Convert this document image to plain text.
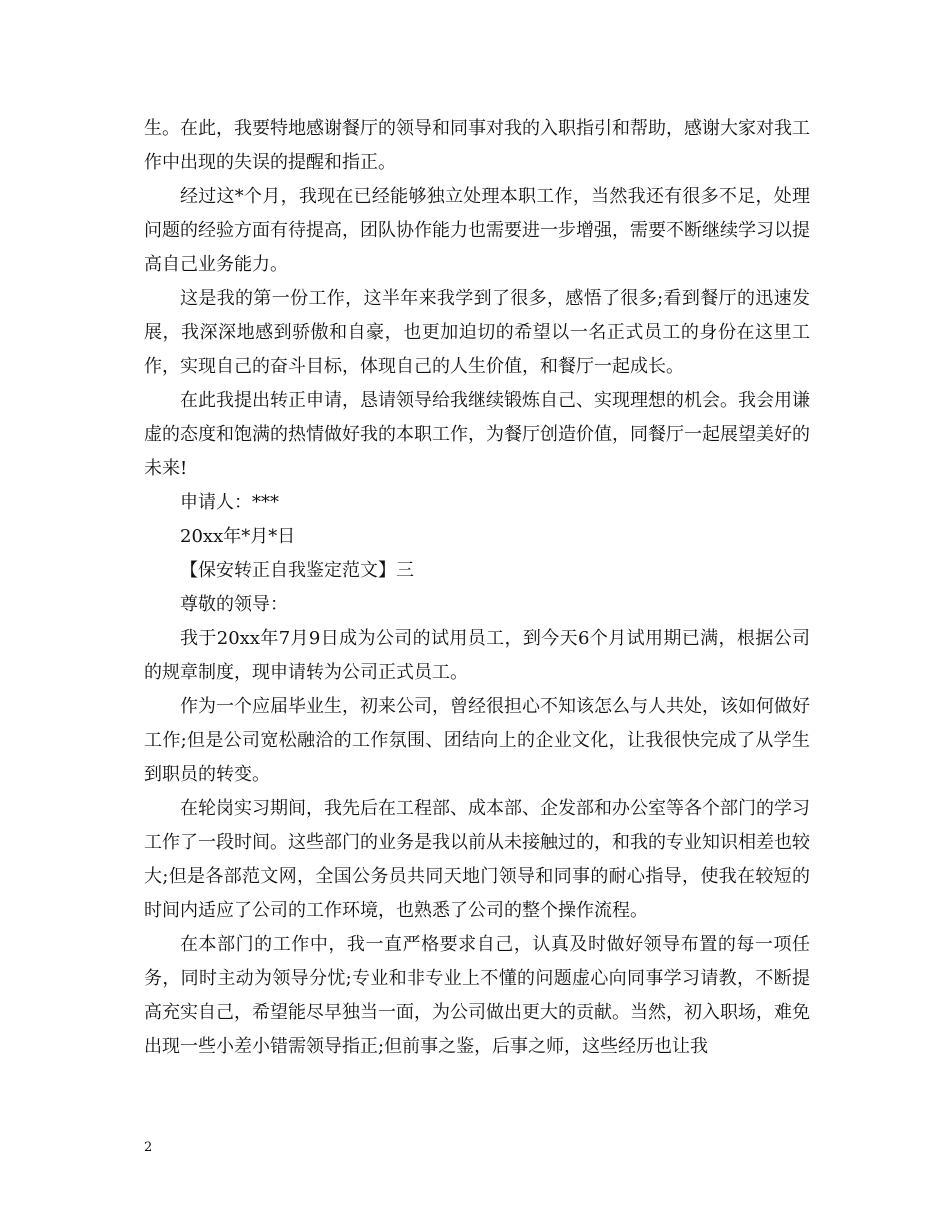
生。在此，我要特地感谢餐厅的领导和同事对我的入职指引和帮助，感谢大家对我工作中出现的失误的提醒和指正。

经过这*个月，我现在已经能够独立处理本职工作，当然我还有很多不足，处理问题的经验方面有待提高，团队协作能力也需要进一步增强，需要不断继续学习以提高自己业务能力。

这是我的第一份工作，这半年来我学到了很多，感悟了很多;看到餐厅的迅速发展，我深深地感到骄傲和自豪，也更加迫切的希望以一名正式员工的身份在这里工作，实现自己的奋斗目标，体现自己的人生价值，和餐厅一起成长。

在此我提出转正申请，恳请领导给我继续锻炼自己、实现理想的机会。我会用谦虚的态度和饱满的热情做好我的本职工作，为餐厅创造价值，同餐厅一起展望美好的未来!

申请人：***

20xx年*月*日

【保安转正自我鉴定范文】三

尊敬的领导：

我于20xx年7月9日成为公司的试用员工，到今天6个月试用期已满，根据公司的规章制度，现申请转为公司正式员工。

作为一个应届毕业生，初来公司，曾经很担心不知该怎么与人共处，该如何做好工作;但是公司宽松融洽的工作氛围、团结向上的企业文化，让我很快完成了从学生到职员的转变。

在轮岗实习期间，我先后在工程部、成本部、企发部和办公室等各个部门的学习工作了一段时间。这些部门的业务是我以前从未接触过的，和我的专业知识相差也较大;但是各部范文网，全国公务员共同天地门领导和同事的耐心指导，使我在较短的时间内适应了公司的工作环境，也熟悉了公司的整个操作流程。

在本部门的工作中，我一直严格要求自己，认真及时做好领导布置的每一项任务，同时主动为领导分忧;专业和非专业上不懂的问题虚心向同事学习请教，不断提高充实自己，希望能尽早独当一面，为公司做出更大的贡献。当然，初入职场，难免出现一些小差小错需领导指正;但前事之鉴，后事之师，这些经历也让我

2
